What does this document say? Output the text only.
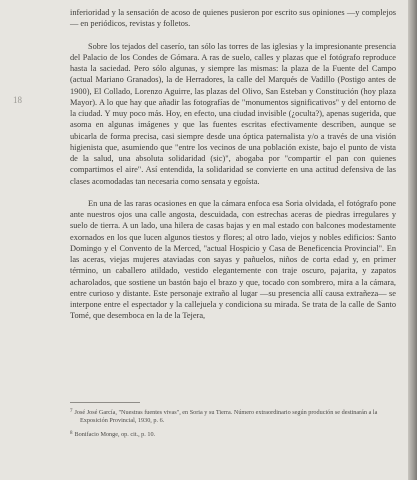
18

inferioridad y la sensación de acoso de quienes pusieron por escrito sus opiniones —y complejos— en periódicos, revistas y folletos.

Sobre los tejados del caserío, tan sólo las torres de las iglesias y la impresionante presencia del Palacio de los Condes de Gómara. A ras de suelo, calles y plazas que el fotógrafo reproduce hasta la saciedad. Pero sólo algunas, y siempre las mismas: la plaza de la Fuente del Campo (actual Mariano Granados), la de Herradores, la calle del Marqués de Vadillo (Postigo antes de 1900), El Collado, Lorenzo Aguirre, las plazas del Olivo, San Esteban y Constitución (hoy plaza Mayor). A lo que hay que añadir las fotografías de "monumentos significativos" y del entorno de la ciudad. Y muy poco más. Hoy, en efecto, una ciudad invisible (¿oculta?), apenas sugerida, que asoma en algunas imágenes y que las fuentes escritas efectivamente describen, aunque se ubicarla de forma precisa, casi siempre desde una óptica paternalista y/o a través de una visión higienista que, asumiendo que "entre los vecinos de una población existe, bajo el punto de vista de la salud, una absoluta solidaridad (sic)", abogaba por "compartir el pan con quienes compartimos el aire". Así entendida, la solidaridad se convierte en una actitud defensiva de las clases acomodadas tan necesaria como sensata y egoísta.

En una de las raras ocasiones en que la cámara enfoca esa Soria olvidada, el fotógrafo pone ante nuestros ojos una calle angosta, descuidada, con estrechas aceras de piedras irregulares y suelo de tierra. A un lado, una hilera de casas bajas y en mal estado con balcones modestamente exornados en los que lucen algunos tiestos y flores; al otro lado, viejos y nobles edificios: Santo Domingo y el Convento de la Merced, "actual Hospicio y Casa de Beneficencia Provincial". En las aceras, viejas mujeres ataviadas con sayas y pañuelos, niños de corta edad y, en primer término, un caballero atildado, vestido elegantemente con traje oscuro, pajarita, y zapatos acharolados, que sostiene un bastón bajo el brazo y que, tocado con sombrero, mira a la cámara, entre curioso y distante. Este personaje extraño al lugar —su presencia allí causa extrañeza— se interpone entre el espectador y la callejuela y condiciona su mirada. Se trata de la calle de Santo Tomé, que desemboca en la de la Tejera,

$^7$ José José García, "Nuestras fuentes vivas", en Soria y su Tierra. Número extraordinario según produción se destinarán a la Exposición Provincial, 1930, p. 6.

$^8$ Bonifacio Monge, op. cit., p. 10.
